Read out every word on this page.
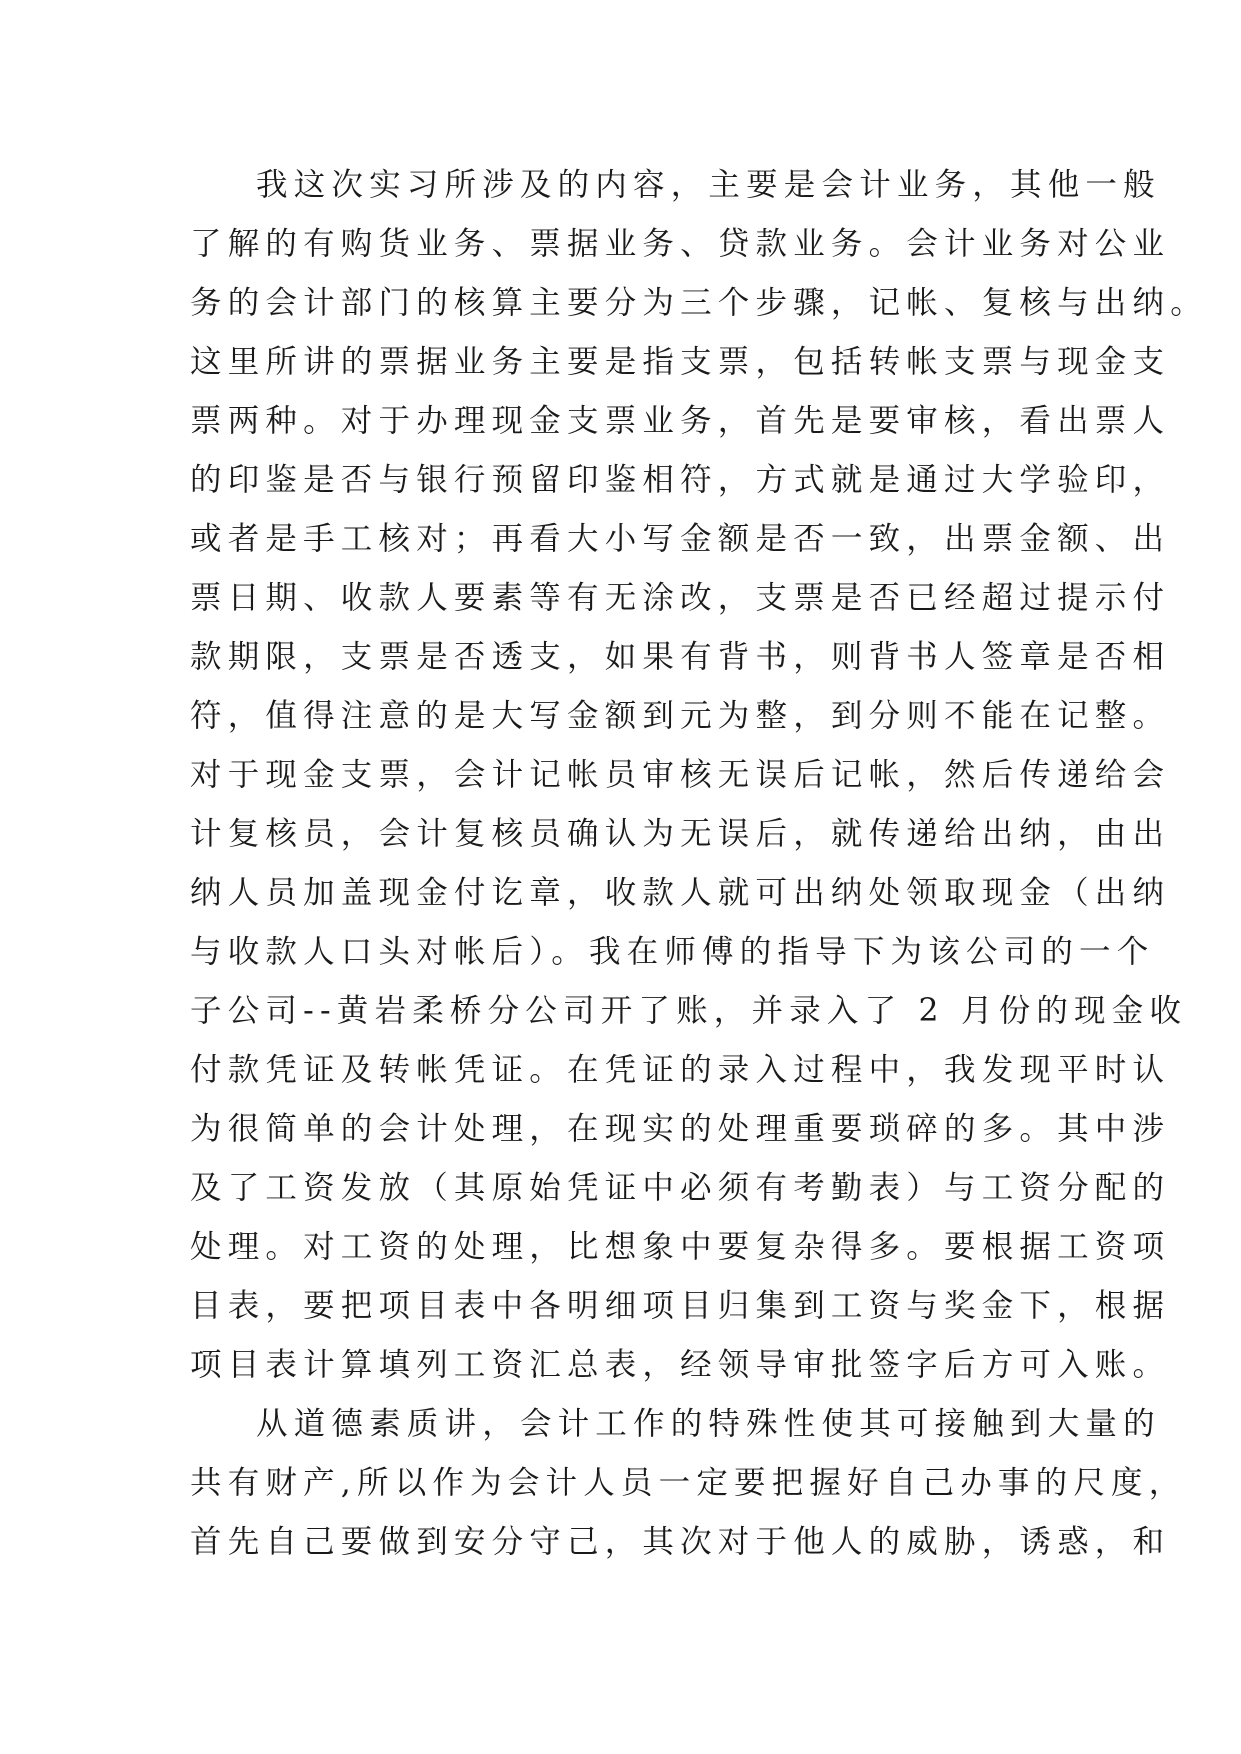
我这次实习所涉及的内容，主要是会计业务，其他一般
了解的有购货业务、票据业务、贷款业务。会计业务对公业
务的会计部门的核算主要分为三个步骤，记帐、复核与出纳。
这里所讲的票据业务主要是指支票，包括转帐支票与现金支
票两种。对于办理现金支票业务，首先是要审核，看出票人
的印鉴是否与银行预留印鉴相符，方式就是通过大学验印，
或者是手工核对；再看大小写金额是否一致，出票金额、出
票日期、收款人要素等有无涂改，支票是否已经超过提示付
款期限，支票是否透支，如果有背书，则背书人签章是否相
符，值得注意的是大写金额到元为整，到分则不能在记整。
对于现金支票，会计记帐员审核无误后记帐，然后传递给会
计复核员，会计复核员确认为无误后，就传递给出纳，由出
纳人员加盖现金付讫章，收款人就可出纳处领取现金（出纳
与收款人口头对帐后）。我在师傅的指导下为该公司的一个
子公司--黄岩柔桥分公司开了账，并录入了 2 月份的现金收
付款凭证及转帐凭证。在凭证的录入过程中，我发现平时认
为很简单的会计处理，在现实的处理重要琐碎的多。其中涉
及了工资发放（其原始凭证中必须有考勤表）与工资分配的
处理。对工资的处理，比想象中要复杂得多。要根据工资项
目表，要把项目表中各明细项目归集到工资与奖金下，根据
项目表计算填列工资汇总表，经领导审批签字后方可入账。
从道德素质讲，会计工作的特殊性使其可接触到大量的
共有财产,所以作为会计人员一定要把握好自己办事的尺度，
首先自己要做到安分守己，其次对于他人的威胁，诱惑，和
